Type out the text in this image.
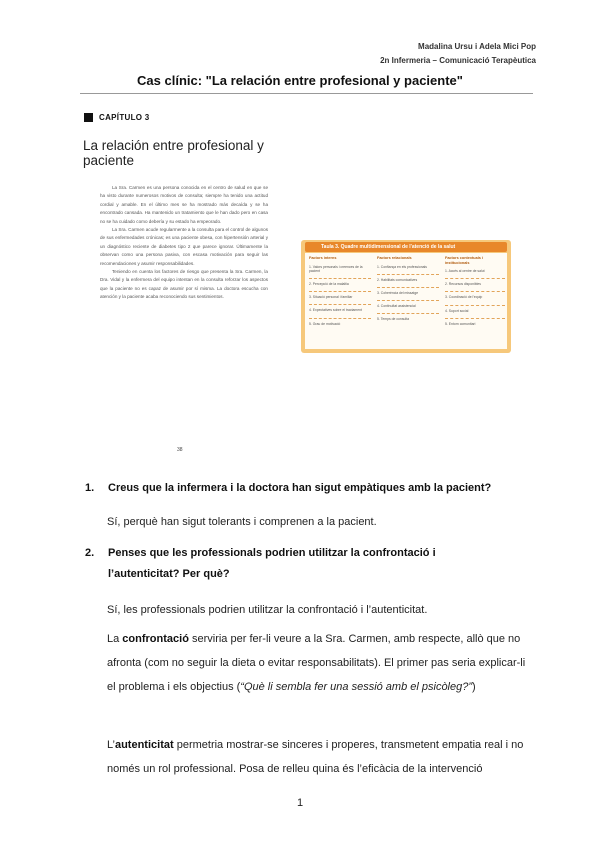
Madalina Ursu i Adela Mici Pop
2n Infermeria – Comunicació Terapèutica
Cas clínic: "La relación entre profesional y paciente"
CAPÍTULO 3
La relación entre profesional y paciente

La Sra. Carmen es una persona conocida en el centro de salud en que se ha visto durante numerosos motivos de consulta; siempre ha tenido una actitud cordial y amable. En el último mes se ha mostrado más decaída y se ha encontrado cansada. Ha mantenido un tratamiento que le han dado pero en casa no se ha cuidado como debería y su estado ha empeorado.

La Sra. Carmen acude regularmente a la consulta para el control de algunos de sus enfermedades crónicas; es una paciente obesa, con hipertensión arterial y un diagnóstico reciente de diabetes tipo 2 que parece ignorar. Últimamente la observan como una persona pasiva, con escasa motivación para seguir las recomendaciones y asumir responsabilidades.

Teniendo en cuenta los factores de riesgo que presenta la Sra. Carmen, la Dra. Vidal y la enfermera del equipo intentan en la consulta reforzar los aspectos que la paciente no es capaz de asumir por sí misma. La doctora escucha con atención y la paciente acaba reconociendo sus sentimientos.

38
Taula 3. Quadre multidimensional de l'atenció de la salut
Factors interns
1. Valors personals i creences de la pacient
2. Percepció de la malaltia
3. Situació personal i familiar
4. Expectatives sobre el tractament
5. Grau de motivació
Factors relacionals
1. Confiança en els professionals
2. Habilitats comunicatives
3. Coherència del missatge
4. Continuïtat assistencial
5. Temps de consulta
Factors contextuals i institucionals
1. Accés al centre de salut
2. Recursos disponibles
3. Coordinació de l'equip
4. Suport social
5. Entorn comunitari
1. Creus que la infermera i la doctora han sigut empàtiques amb la pacient?
Sí, perquè han sigut tolerants i comprenen a la pacient.
2. Penses que les professionals podrien utilitzar la confrontació i l’autenticitat? Per què?
Sí, les professionals podrien utilitzar la confrontació i l’autenticitat.
La confrontació serviria per fer-li veure a la Sra. Carmen, amb respecte, allò que no afronta (com no seguir la dieta o evitar responsabilitats). El primer pas seria explicar-li el problema i els objectius (“Què li sembla fer una sessió amb el psicòleg?”)
L’autenticitat permetria mostrar-se sinceres i properes, transmetent empatia real i no només un rol professional. Posa de relleu quina és l’eficàcia de la intervenció
1
